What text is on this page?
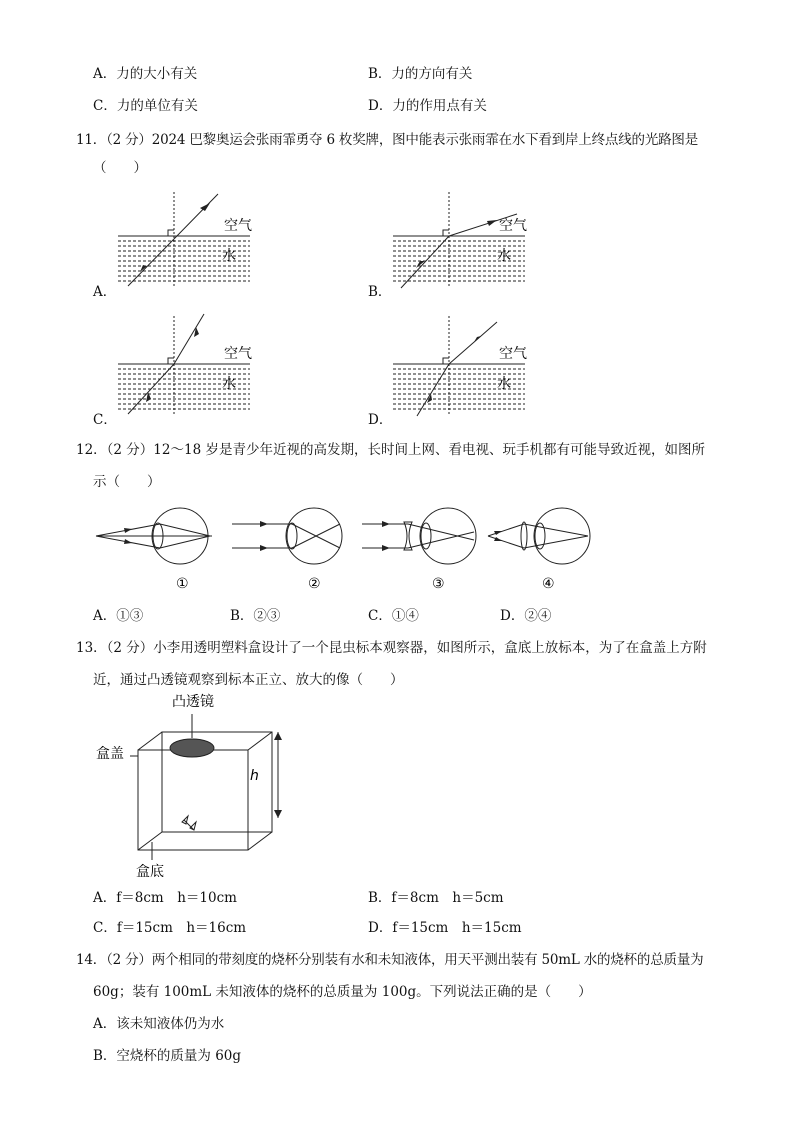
A．力的大小有关	B．力的方向有关
C．力的单位有关	D．力的作用点有关
11．（2 分）2024 巴黎奥运会张雨霏勇夺 6 枚奖牌，图中能表示张雨霏在水下看到岸上终点线的光路图是
（　　）
A．
空气
水
B．
空气
水
C．
空气
水
D．
空气
水
12．（2 分）12～18 岁是青少年近视的高发期，长时间上网、看电视、玩手机都有可能导致近视，如图所
示（　　）
①	②	③	④
A．①③	B．②③	C．①④	D．②④
13．（2 分）小李用透明塑料盒设计了一个昆虫标本观察器，如图所示，盒底上放标本，为了在盒盖上方附
近，通过凸透镜观察到标本正立、放大的像（　　）
凸透镜
盒盖
盒底
h
A．f＝8cm　h＝10cm	B．f＝8cm　h＝5cm
C．f＝15cm　h＝16cm	D．f＝15cm　h＝15cm
14．（2 分）两个相同的带刻度的烧杯分别装有水和未知液体，用天平测出装有 50mL 水的烧杯的总质量为
60g；装有 100mL 未知液体的烧杯的总质量为 100g。下列说法正确的是（　　）
A．该未知液体仍为水
B．空烧杯的质量为 60g
